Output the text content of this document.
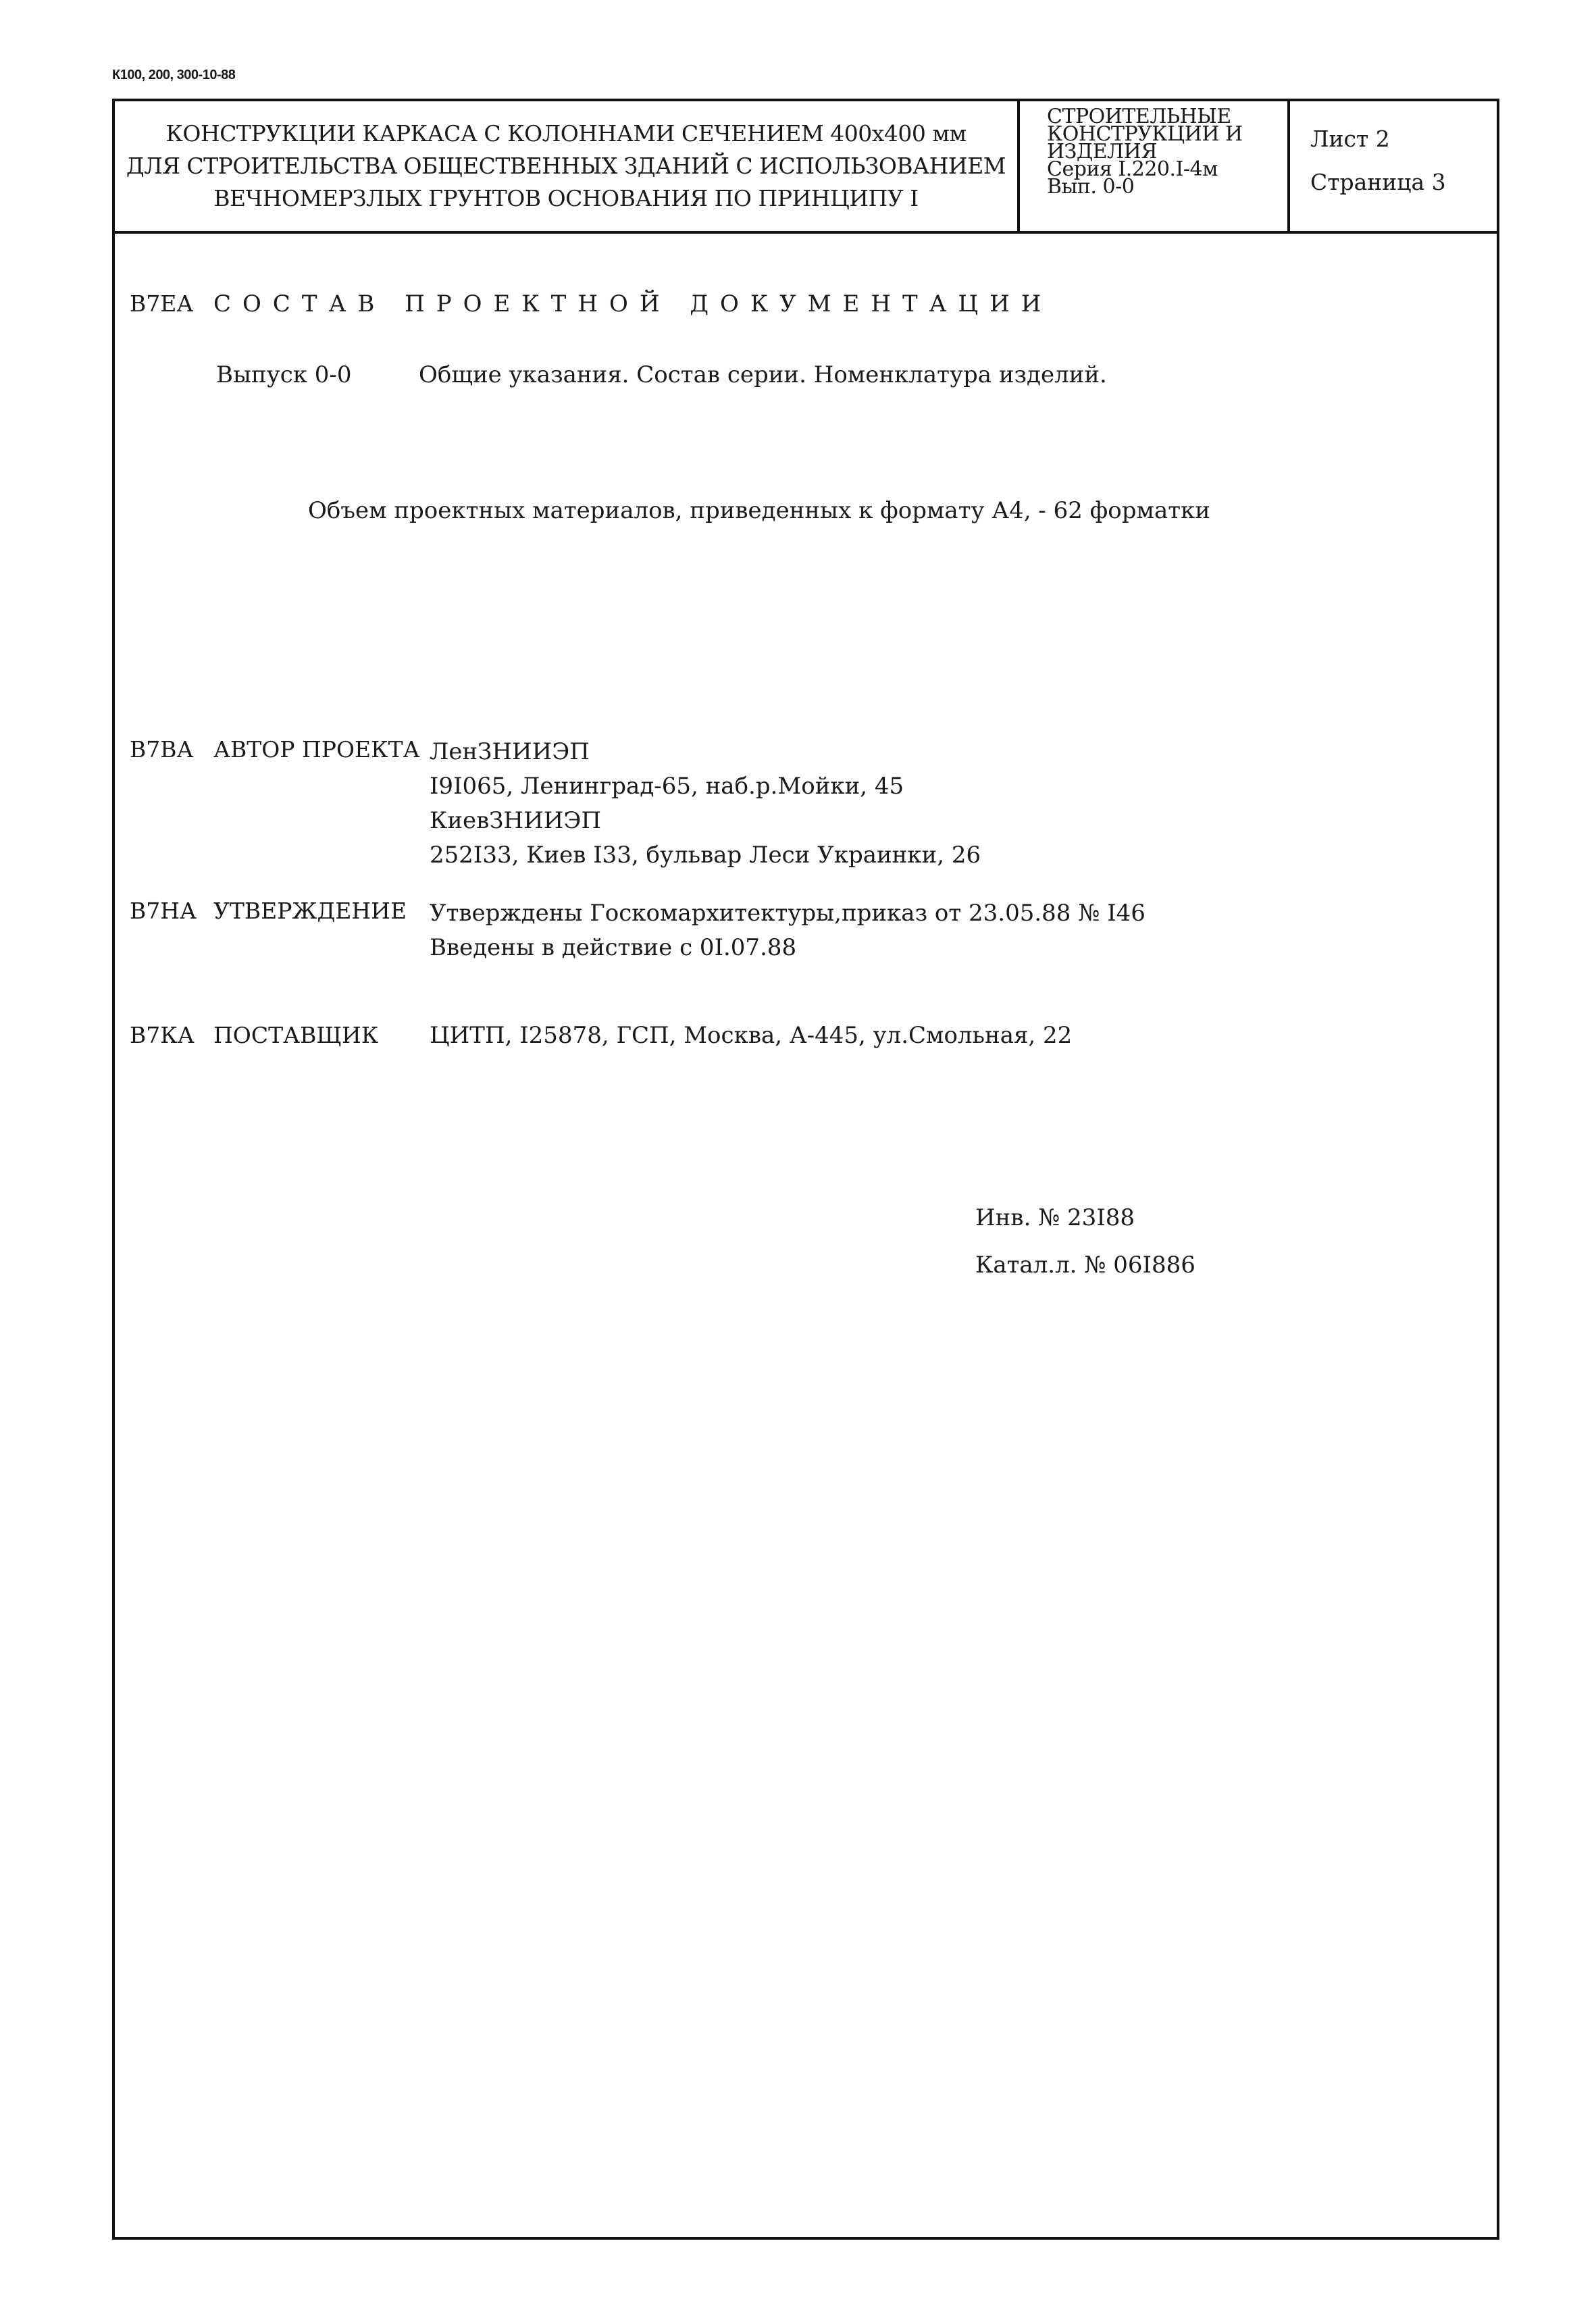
К100, 200, 300-10-88
КОНСТРУКЦИИ КАРКАСА С КОЛОННАМИ СЕЧЕНИЕМ 400х400 мм
ДЛЯ СТРОИТЕЛЬСТВА ОБЩЕСТВЕННЫХ ЗДАНИЙ С ИСПОЛЬЗОВАНИЕМ
ВЕЧНОМЕРЗЛЫХ ГРУНТОВ ОСНОВАНИЯ ПО ПРИНЦИПУ I
СТРОИТЕЛЬНЫЕ
КОНСТРУКЦИИ И
ИЗДЕЛИЯ
Серия I.220.I-4м
Вып. 0-0
Лист 2
Страница 3
В7ЕА СОСТАВ ПРОЕКТНОЙ ДОКУМЕНТАЦИИ
Выпуск 0-0	Общие указания. Состав серии. Номенклатура изделий.
Объем проектных материалов, приведенных к формату А4, - 62 форматки
В7ВА АВТОР ПРОЕКТА ЛенЗНИИЭП
I9I065, Ленинград-65, наб.р.Мойки, 45
КиевЗНИИЭП
252I33, Киев I33, бульвар Леси Украинки, 26
В7НА УТВЕРЖДЕНИЕ Утверждены Госкомархитектуры,приказ от 23.05.88 № I46
Введены в действие с 0I.07.88
В7КА ПОСТАВЩИК ЦИТП, I25878, ГСП, Москва, А-445, ул.Смольная, 22
Инв. № 23I88
Катал.л. № 06I886
